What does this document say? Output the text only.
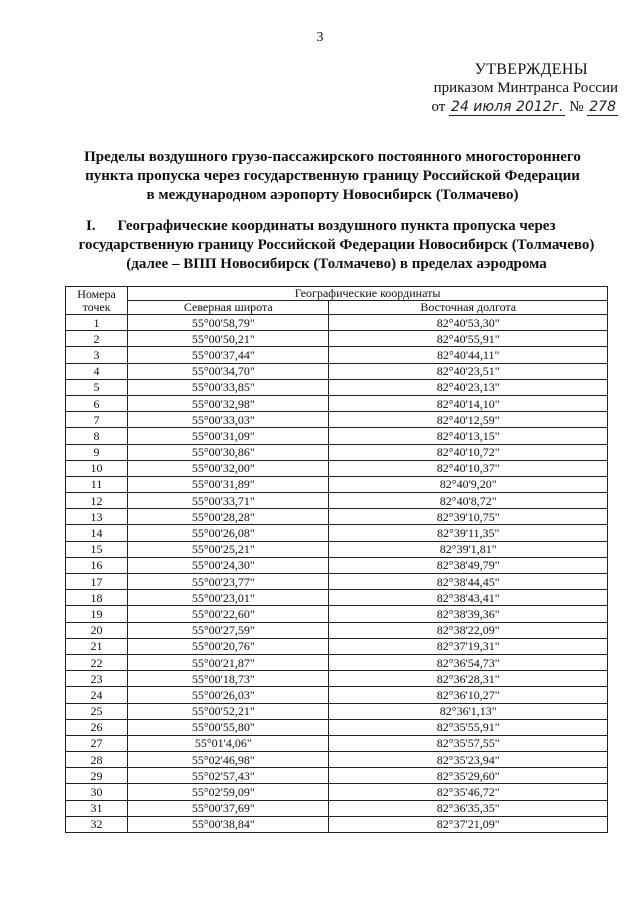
3
УТВЕРЖДЕНЫ
приказом Минтранса России
от 24 июля 2012г. № 278
Пределы воздушного грузо-пассажирского постоянного многостороннего
пункта пропуска через государственную границу Российской Федерации
в международном аэропорту Новосибирск (Толмачево)
I.	Географические координаты воздушного пункта пропуска через
государственную границу Российской Федерации Новосибирск (Толмачево)
(далее – ВПП Новосибирск (Толмачево) в пределах аэродрома
Номера точек	Географические координаты	
	Северная широта	Восточная долгота
1	55°00'58,79"	82°40'53,30"
2	55°00'50,21"	82°40'55,91"
3	55°00'37,44"	82°40'44,11"
4	55°00'34,70"	82°40'23,51"
5	55°00'33,85"	82°40'23,13"
6	55°00'32,98"	82°40'14,10"
7	55°00'33,03"	82°40'12,59"
8	55°00'31,09"	82°40'13,15"
9	55°00'30,86"	82°40'10,72"
10	55°00'32,00"	82°40'10,37"
11	55°00'31,89"	82°40'9,20"
12	55°00'33,71"	82°40'8,72"
13	55°00'28,28"	82°39'10,75"
14	55°00'26,08"	82°39'11,35"
15	55°00'25,21"	82°39'1,81"
16	55°00'24,30"	82°38'49,79"
17	55°00'23,77"	82°38'44,45"
18	55°00'23,01"	82°38'43,41"
19	55°00'22,60"	82°38'39,36"
20	55°00'27,59"	82°38'22,09"
21	55°00'20,76"	82°37'19,31"
22	55°00'21,87"	82°36'54,73"
23	55°00'18,73"	82°36'28,31"
24	55°00'26,03"	82°36'10,27"
25	55°00'52,21"	82°36'1,13"
26	55°00'55,80"	82°35'55,91"
27	55°01'4,06"	82°35'57,55"
28	55°02'46,98"	82°35'23,94"
29	55°02'57,43"	82°35'29,60"
30	55°02'59,09"	82°35'46,72"
31	55°00'37,69"	82°36'35,35"
32	55°00'38,84"	82°37'21,09"
